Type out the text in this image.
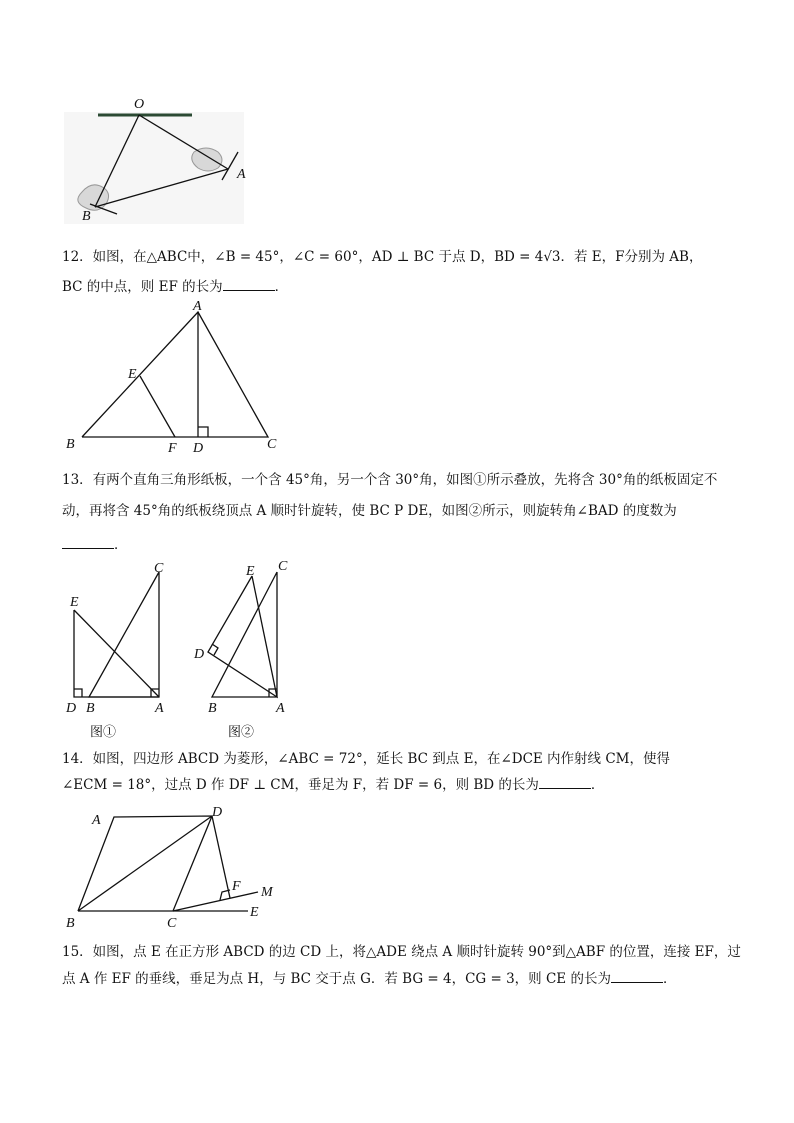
O
A
B

12．如图，在△ABC中，∠B = 45°，∠C = 60°，AD ⊥ BC 于点 D，BD = 4√3．若 E，F分别为 AB，

BC 的中点，则 EF 的长为	．

A
B	C
D
E
F

13．有两个直角三角形纸板，一个含 45°角，另一个含 30°角，如图①所示叠放，先将含 30°角的纸板固定不

动，再将含 45°角的纸板绕顶点 A 顺时针旋转，使 BC P DE，如图②所示，则旋转角∠BAD 的度数为

．

E
C
D B	A
图①
E C
D
B	A
图②

14．如图，四边形 ABCD 为菱形，∠ABC = 72°，延长 BC 到点 E，在∠DCE 内作射线 CM，使得

∠ECM = 18°，过点 D 作 DF ⊥ CM，垂足为 F，若 DF = 6，则 BD 的长为	．

A
B	C
D
E
F M

15．如图，点 E 在正方形 ABCD 的边 CD 上，将△ADE 绕点 A 顺时针旋转 90°到△ABF 的位置，连接 EF，过

点 A 作 EF 的垂线，垂足为点 H，与 BC 交于点 G．若 BG = 4，CG = 3，则 CE 的长为	．
